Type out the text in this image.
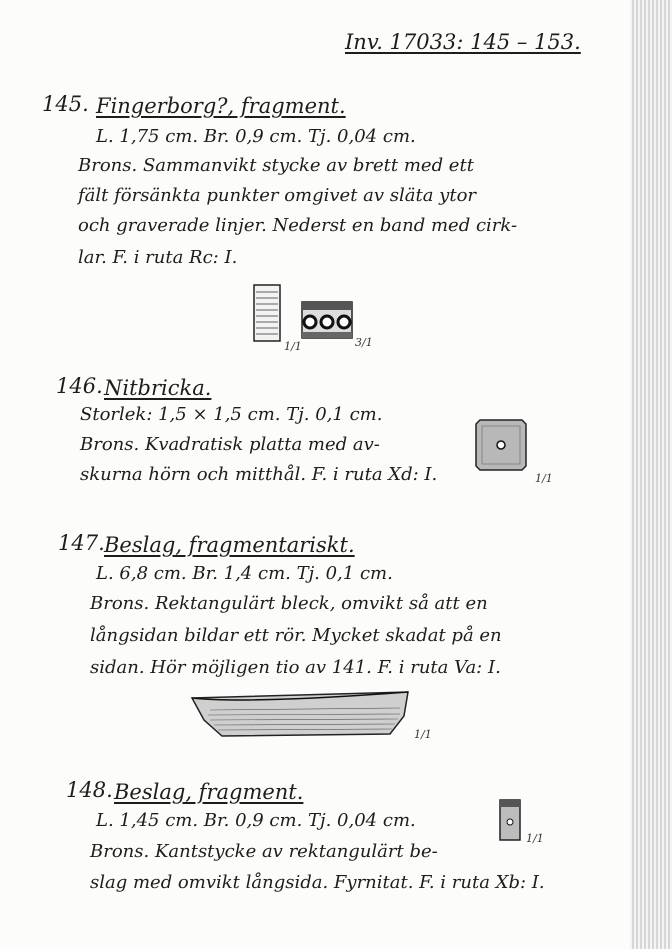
Inv. 17033: 145 – 153.
145. Fingerborg?, fragment.
L. 1,75 cm. Br. 0,9 cm. Tj. 0,04 cm.
Brons. Sammanvikt stycke av brett med ett
fält försänkta punkter omgivet av släta ytor
och graverade linjer. Nederst en band med cirk-
lar. F. i ruta Rc: I.
1/1	3/1
146. Nitbricka.
Storlek: 1,5 × 1,5 cm. Tj. 0,1 cm.
Brons. Kvadratisk platta med av-
skurna hörn och mitthål. F. i ruta Xd: I.	1/1
147. Beslag, fragmentariskt.
L. 6,8 cm. Br. 1,4 cm. Tj. 0,1 cm.
Brons. Rektangulärt bleck, omvikt så att en
långsidan bildar ett rör. Mycket skadat på en
sidan. Hör möjligen tio av 141. F. i ruta Va: I.
1/1
148. Beslag, fragment.
L. 1,45 cm. Br. 0,9 cm. Tj. 0,04 cm.
Brons. Kantstycke av rektangulärt be-
slag med omvikt långsida. Fyrnitat. F. i ruta Xb: I.
1/1
